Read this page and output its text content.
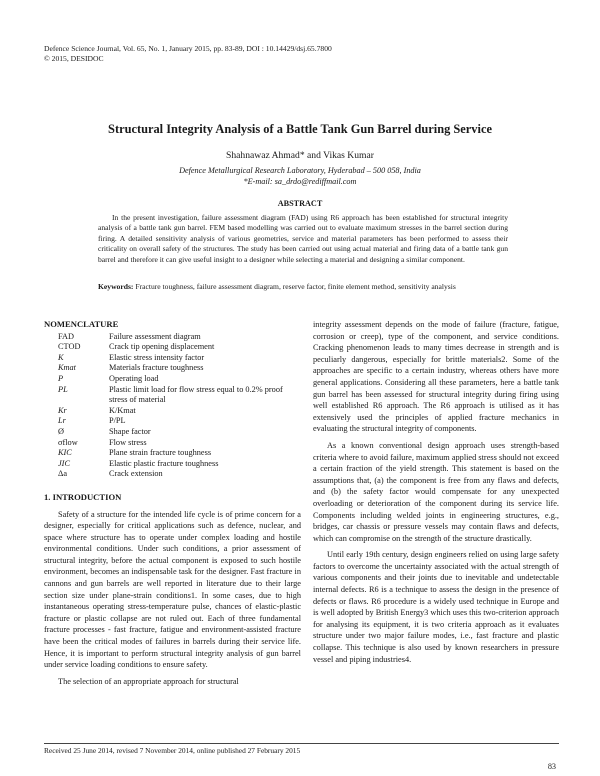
Defence Science Journal, Vol. 65, No. 1, January 2015, pp. 83-89, DOI : 10.14429/dsj.65.7800
© 2015, DESIDOC
Structural Integrity Analysis of a Battle Tank Gun Barrel during Service
Shahnawaz Ahmad* and Vikas Kumar
Defence Metallurgical Research Laboratory, Hyderabad – 500 058, India
*E-mail: sa_drdo@rediffmail.com
ABSTRACT
In the present investigation, failure assessment diagram (FAD) using R6 approach has been established for structural integrity analysis of a battle tank gun barrel. FEM based modelling was carried out to evaluate maximum stresses in the barrel section during firing. A detailed sensitivity analysis of various geometries, service and material parameters has been performed to assess their criticality on overall safety of the structures. The study has been carried out using actual material and firing data of a battle tank gun barrel and therefore it can give useful insight to a designer while selecting a material and designing a similar component.
Keywords: Fracture toughness, failure assessment diagram, reserve factor, finite element method, sensitivity analysis
NOMENCLATURE
FAD	Failure assessment diagram
CTOD	Crack tip opening displacement
K	Elastic stress intensity factor
Kmat	Materials fracture toughness
P	Operating load
PL	Plastic limit load for flow stress equal to 0.2% proof stress of material
Kr	K/Kmat
Lr	P/PL
Ø	Shape factor
σflow	Flow stress
KIC	Plane strain fracture toughness
JIC	Elastic plastic fracture toughness
Δa	Crack extension
1. INTRODUCTION

Safety of a structure for the intended life cycle is of prime concern for a designer, especially for critical applications such as defence, nuclear, and space where structure has to operate under complex loading and hostile environmental conditions. Under such conditions, a prior assessment of structural integrity, before the actual component is exposed to such hostile environment, becomes an indispensable task for the designer. Fast fracture in cannons and gun barrels are well reported in literature due to their large section size under plane-strain conditions1. In some cases, due to high instantaneous operating stress-temperature pulse, chances of elastic-plastic fracture or plastic collapse are not ruled out. Each of three fundamental fracture processes - fast fracture, fatigue and environment-assisted fracture have been the critical modes of failures in barrels during their service life. Hence, it is important to perform structural integrity analysis of gun barrel under service loading conditions to ensure safety.

The selection of an appropriate approach for structural

integrity assessment depends on the mode of failure (fracture, fatigue, corrosion or creep), type of the component, and service conditions. Cracking phenomenon leads to many times decrease in strength and is peculiarly dangerous, especially for brittle materials2. Some of the approaches are specific to a certain industry, whereas others have more general applications. Considering all these parameters, here a battle tank gun barrel has been assessed for structural integrity during firing using well established R6 approach. The R6 approach is utilised as it has extensively used the principles of applied fracture mechanics in evaluating the structural integrity of components.

As a known conventional design approach uses strength-based criteria where to avoid failure, maximum applied stress should not exceed a certain fraction of the yield strength. This statement is based on the assumptions that, (a) the component is free from any flaws and defects, and (b) the safety factor would compensate for any unexpected overloading or deterioration of the component during its service life. Components including welded joints in engineering structures, e.g., bridges, car chassis or pressure vessels may contain flaws and defects, which can compromise on the strength of the structure drastically.

Until early 19th century, design engineers relied on using large safety factors to overcome the uncertainty associated with the actual strength of various components and their joints due to inevitable and undetectable internal defects. R6 is a technique to assess the design in the presence of defects or flaws. R6 procedure is a widely used technique in Europe and is well adopted by British Energy3 which uses this two-criterion approach for analysing its equipment, it is two criteria approach as it evaluates structure under two major failure modes, i.e., fast fracture and plastic collapse. This technique is also used by known researchers in pressure vessel and piping industries4.

Received 25 June 2014, revised 7 November 2014, online published 27 February 2015
83
